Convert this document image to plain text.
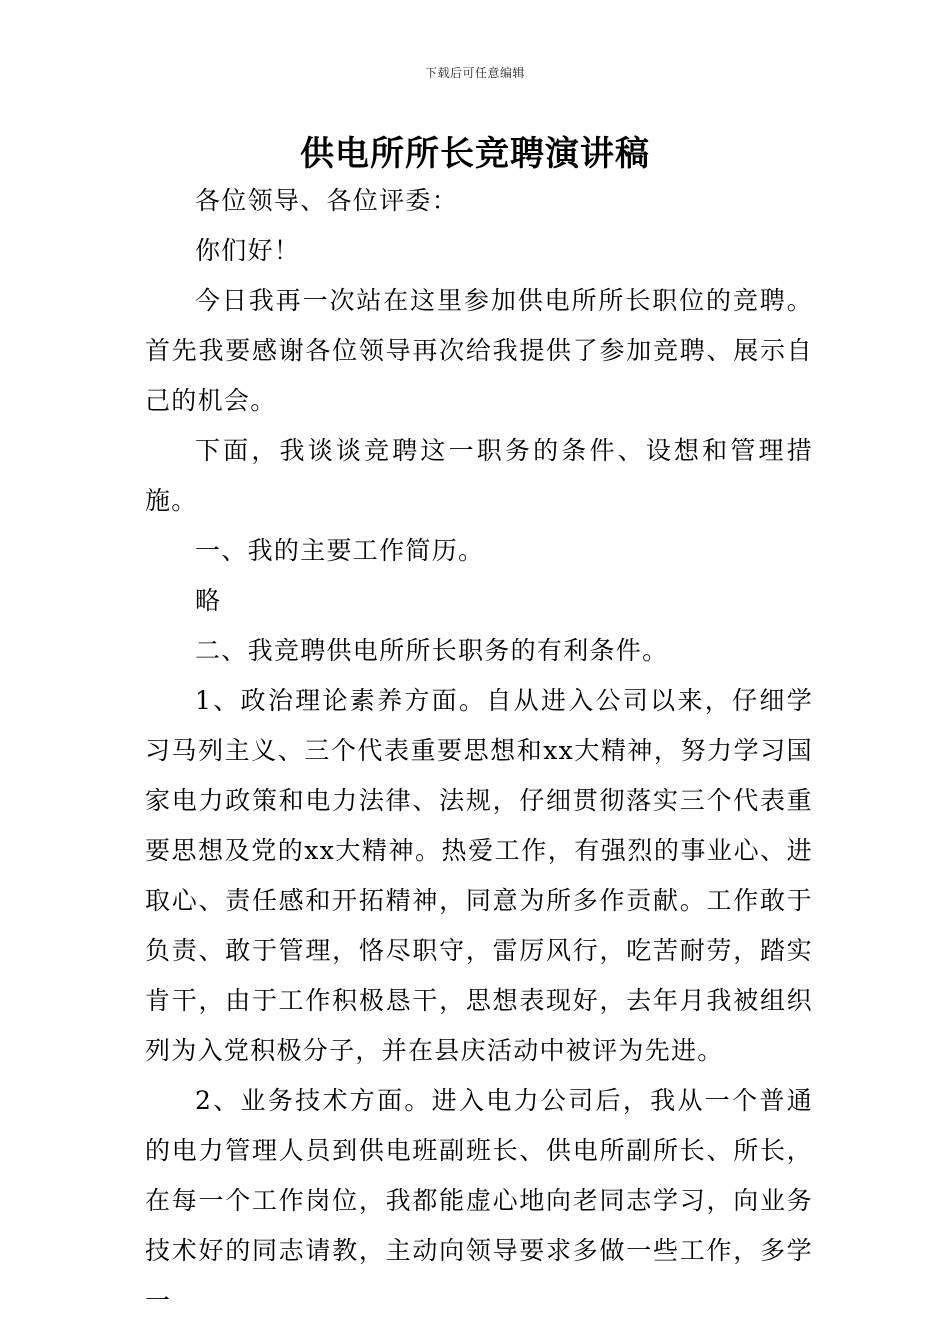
下载后可任意编辑
供电所所长竞聘演讲稿

各位领导、各位评委：

你们好！

今日我再一次站在这里参加供电所所长职位的竞聘。首先我要感谢各位领导再次给我提供了参加竞聘、展示自己的机会。

下面，我谈谈竞聘这一职务的条件、设想和管理措施。

一、我的主要工作简历。

略

二、我竞聘供电所所长职务的有利条件。

1、政治理论素养方面。自从进入公司以来，仔细学习马列主义、三个代表重要思想和xx大精神，努力学习国家电力政策和电力法律、法规，仔细贯彻落实三个代表重要思想及党的xx大精神。热爱工作，有强烈的事业心、进取心、责任感和开拓精神，同意为所多作贡献。工作敢于负责、敢于管理，恪尽职守，雷厉风行，吃苦耐劳，踏实肯干，由于工作积极恳干，思想表现好，去年月我被组织列为入党积极分子，并在县庆活动中被评为先进。

2、业务技术方面。进入电力公司后，我从一个普通的电力管理人员到供电班副班长、供电所副所长、所长，在每一个工作岗位，我都能虚心地向老同志学习，向业务技术好的同志请教，主动向领导要求多做一些工作，多学一
